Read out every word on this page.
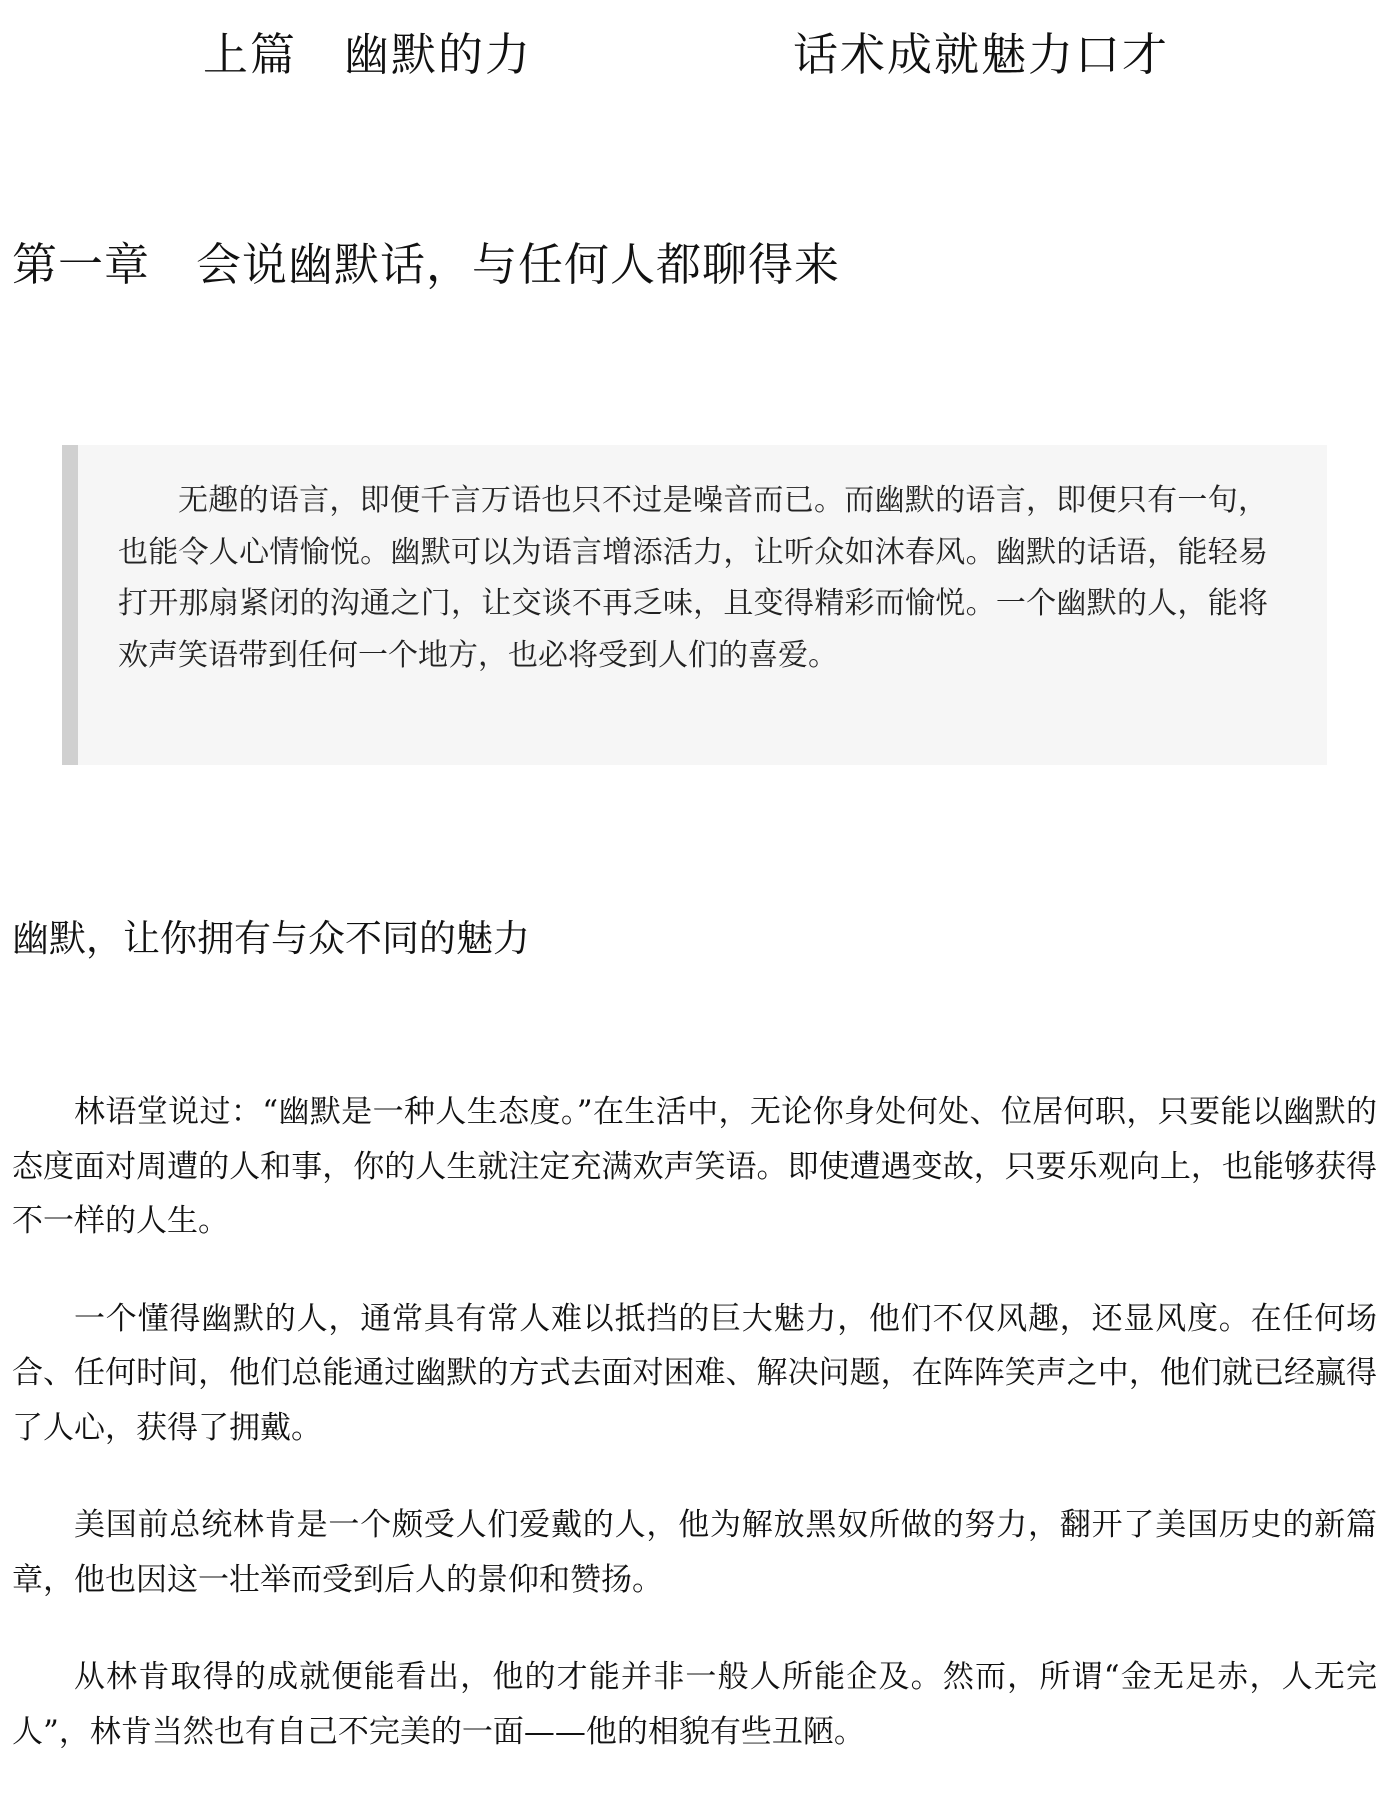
上篇　幽默的力	话术成就魅力口才
第一章　会说幽默话，与任何人都聊得来

无趣的语言，即便千言万语也只不过是噪音而已。而幽默的语言，即便只有一句，也能令人心情愉悦。幽默可以为语言增添活力，让听众如沐春风。幽默的话语，能轻易打开那扇紧闭的沟通之门，让交谈不再乏味，且变得精彩而愉悦。一个幽默的人，能将欢声笑语带到任何一个地方，也必将受到人们的喜爱。

幽默，让你拥有与众不同的魅力

林语堂说过：“幽默是一种人生态度。”在生活中，无论你身处何处、位居何职，只要能以幽默的态度面对周遭的人和事，你的人生就注定充满欢声笑语。即使遭遇变故，只要乐观向上，也能够获得不一样的人生。

一个懂得幽默的人，通常具有常人难以抵挡的巨大魅力，他们不仅风趣，还显风度。在任何场合、任何时间，他们总能通过幽默的方式去面对困难、解决问题，在阵阵笑声之中，他们就已经赢得了人心，获得了拥戴。

美国前总统林肯是一个颇受人们爱戴的人，他为解放黑奴所做的努力，翻开了美国历史的新篇章，他也因这一壮举而受到后人的景仰和赞扬。

从林肯取得的成就便能看出，他的才能并非一般人所能企及。然而，所谓“金无足赤，人无完人”，林肯当然也有自己不完美的一面——他的相貌有些丑陋。
